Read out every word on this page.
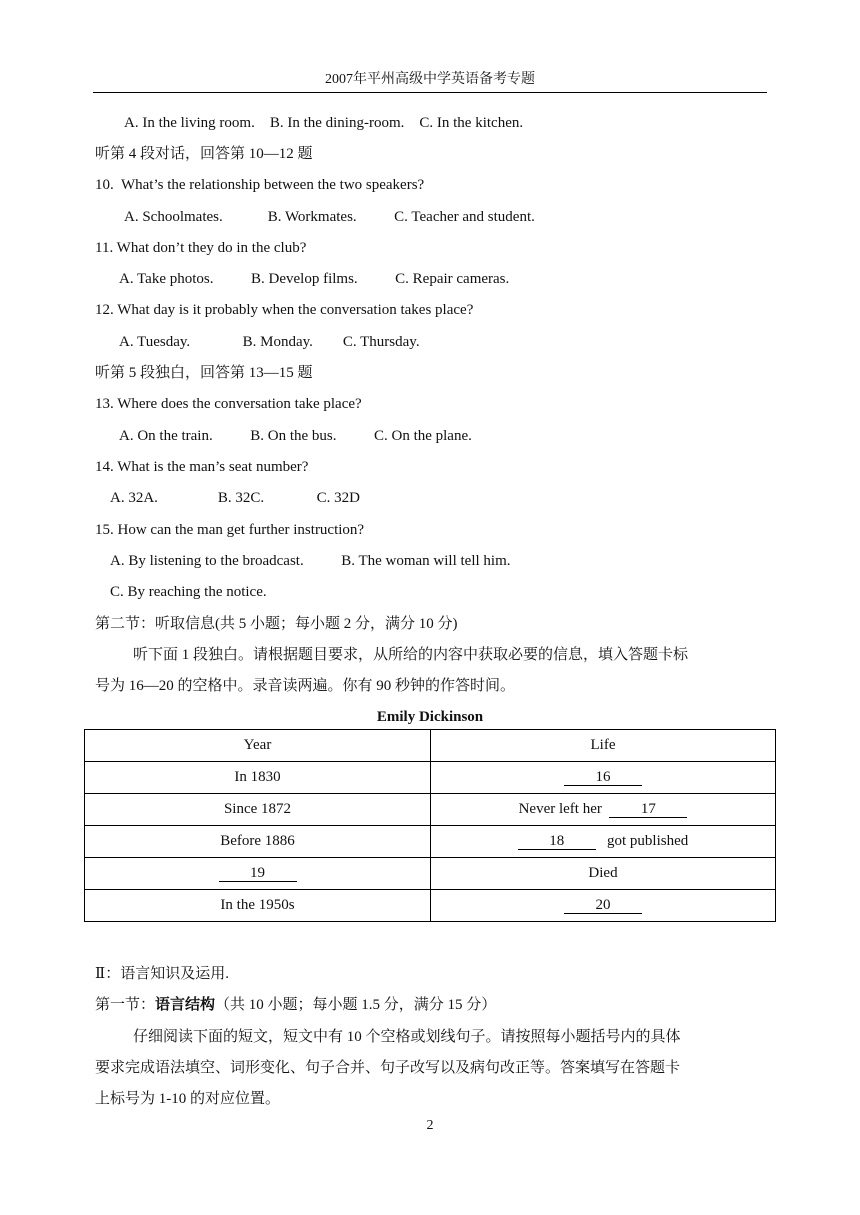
2007年平州高级中学英语备考专题
A. In the living room.    B. In the dining-room.    C. In the kitchen.
听第 4 段对话，回答第 10—12 题
10.  What’s the relationship between the two speakers?
A. Schoolmates.            B. Workmates.          C. Teacher and student.
11. What don’t they do in the club?
A. Take photos.          B. Develop films.          C. Repair cameras.
12. What day is it probably when the conversation takes place?
A. Tuesday.              B. Monday.        C. Thursday.
听第 5 段独白，回答第 13—15 题
13. Where does the conversation take place?
A. On the train.          B. On the bus.          C. On the plane.
14. What is the man’s seat number?
A. 32A.                B. 32C.              C. 32D
15. How can the man get further instruction?
A. By listening to the broadcast.          B. The woman will tell him.
C. By reaching the notice.
第二节：听取信息(共 5 小题；每小题 2 分，满分 10 分)
听下面 1 段独白。请根据题目要求，从所给的内容中获取必要的信息，填入答题卡标
号为 16—20 的空格中。录音读两遍。你有 90 秒钟的作答时间。
Emily Dickinson
Year	Life
In 1830	16
Since 1872	Never left her 17
Before 1886	18 got published
19	Died
In the 1950s	20
Ⅱ：语言知识及运用.
第一节：语言结构（共 10 小题；每小题 1.5 分，满分 15 分）
仔细阅读下面的短文，短文中有 10 个空格或划线句子。请按照每小题括号内的具体
要求完成语法填空、词形变化、句子合并、句子改写以及病句改正等。答案填写在答题卡
上标号为 1-10 的对应位置。
2
